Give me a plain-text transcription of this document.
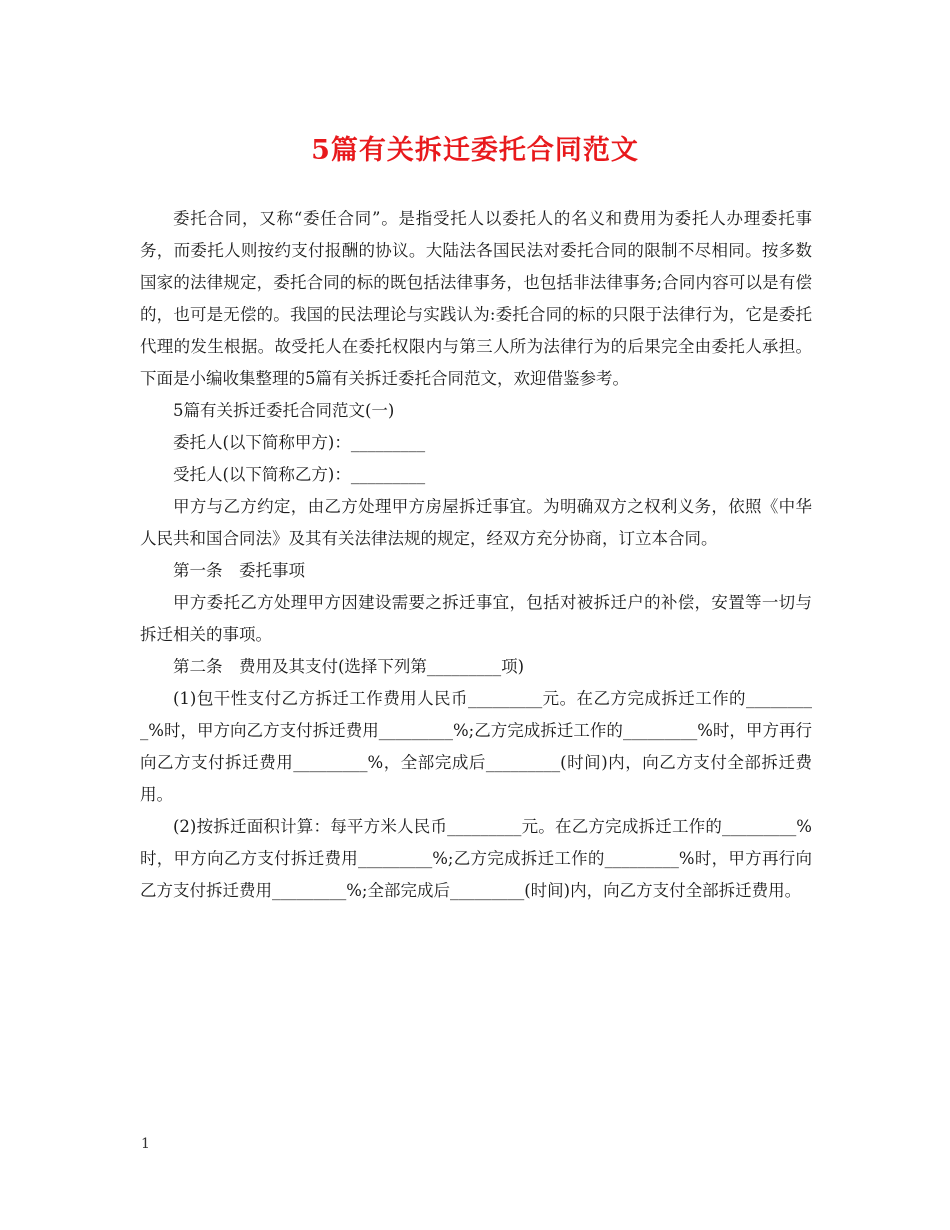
5篇有关拆迁委托合同范文

委托合同，又称“委任合同”。是指受托人以委托人的名义和费用为委托人办理委托事务，而委托人则按约支付报酬的协议。大陆法各国民法对委托合同的限制不尽相同。按多数国家的法律规定，委托合同的标的既包括法律事务，也包括非法律事务;合同内容可以是有偿的，也可是无偿的。我国的民法理论与实践认为:委托合同的标的只限于法律行为，它是委托代理的发生根据。故受托人在委托权限内与第三人所为法律行为的后果完全由委托人承担。下面是小编收集整理的5篇有关拆迁委托合同范文，欢迎借鉴参考。

5篇有关拆迁委托合同范文(一)

委托人(以下简称甲方)：_________

受托人(以下简称乙方)：_________

甲方与乙方约定，由乙方处理甲方房屋拆迁事宜。为明确双方之权利义务，依照《中华人民共和国合同法》及其有关法律法规的规定，经双方充分协商，订立本合同。

第一条　委托事项

甲方委托乙方处理甲方因建设需要之拆迁事宜，包括对被拆迁户的补偿，安置等一切与拆迁相关的事项。

第二条　费用及其支付(选择下列第_________项)

(1)包干性支付乙方拆迁工作费用人民币_________元。在乙方完成拆迁工作的_________%时，甲方向乙方支付拆迁费用_________%;乙方完成拆迁工作的_________%时，甲方再行向乙方支付拆迁费用_________%，全部完成后_________(时间)内，向乙方支付全部拆迁费用。

(2)按拆迁面积计算：每平方米人民币_________元。在乙方完成拆迁工作的_________%时，甲方向乙方支付拆迁费用_________%;乙方完成拆迁工作的_________%时，甲方再行向乙方支付拆迁费用_________%;全部完成后_________(时间)内，向乙方支付全部拆迁费用。

1
